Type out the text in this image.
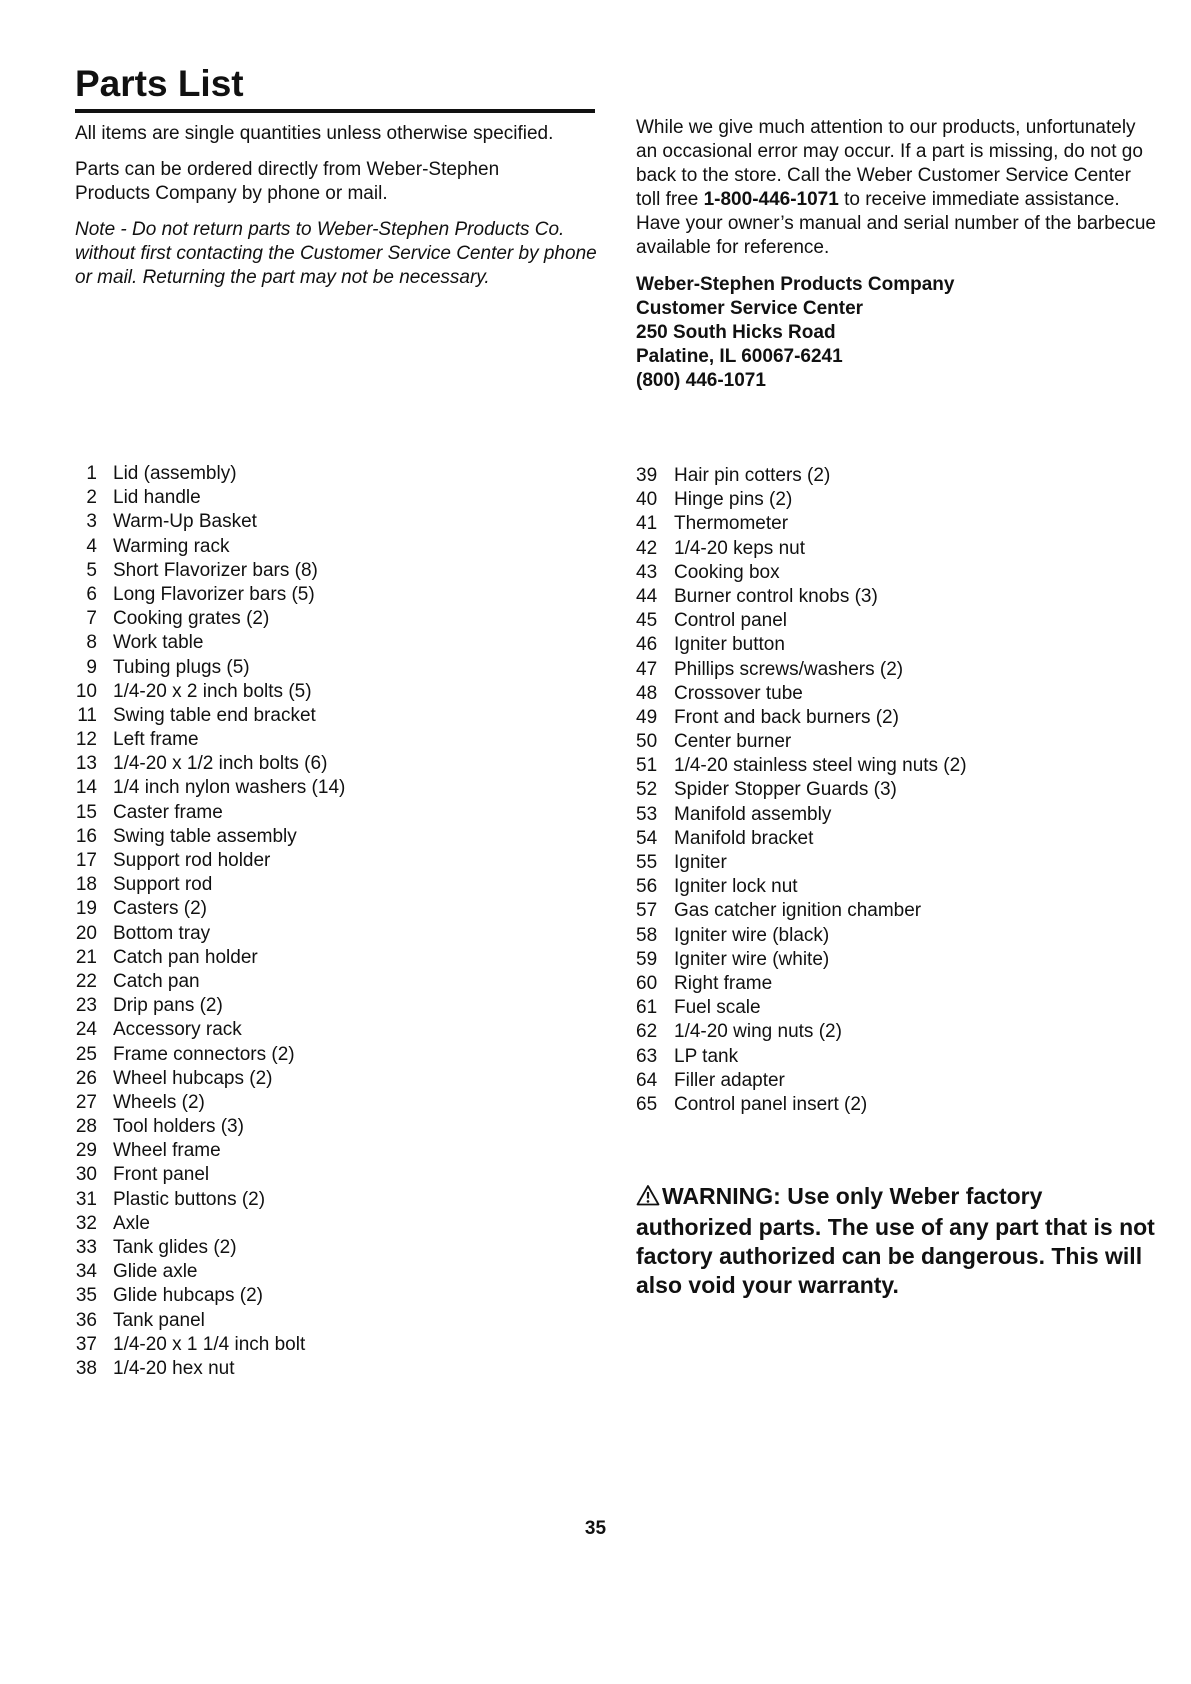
Parts List

All items are single quantities unless otherwise specified.

Parts can be ordered directly from Weber-Stephen Products Company by phone or mail.

Note - Do not return parts to Weber-Stephen Products Co. without first contacting the Customer Service Center by phone or mail. Returning the part may not be necessary.

While we give much attention to our products, unfortunately an occasional error may occur. If a part is missing, do not go back to the store. Call the Weber Customer Service Center toll free 1-800-446-1071 to receive immediate assistance. Have your owner’s manual and serial number of the barbecue available for reference.

Weber-Stephen Products Company
Customer Service Center
250 South Hicks Road
Palatine, IL 60067-6241
(800) 446-1071
1 Lid (assembly)
2 Lid handle
3 Warm-Up Basket
4 Warming rack
5 Short Flavorizer bars (8)
6 Long Flavorizer bars (5)
7 Cooking grates (2)
8 Work table
9 Tubing plugs (5)
10 1/4-20 x 2 inch bolts (5)
11 Swing table end bracket
12 Left frame
13 1/4-20 x 1/2 inch bolts (6)
14 1/4 inch nylon washers (14)
15 Caster frame
16 Swing table assembly
17 Support rod holder
18 Support rod
19 Casters (2)
20 Bottom tray
21 Catch pan holder
22 Catch pan
23 Drip pans (2)
24 Accessory rack
25 Frame connectors (2)
26 Wheel hubcaps (2)
27 Wheels (2)
28 Tool holders (3)
29 Wheel frame
30 Front panel
31 Plastic buttons (2)
32 Axle
33 Tank glides (2)
34 Glide axle
35 Glide hubcaps (2)
36 Tank panel
37 1/4-20 x 1 1/4 inch bolt
38 1/4-20 hex nut
39 Hair pin cotters (2)
40 Hinge pins (2)
41 Thermometer
42 1/4-20 keps nut
43 Cooking box
44 Burner control knobs (3)
45 Control panel
46 Igniter button
47 Phillips screws/washers (2)
48 Crossover tube
49 Front and back burners (2)
50 Center burner
51 1/4-20 stainless steel wing nuts (2)
52 Spider Stopper Guards (3)
53 Manifold assembly
54 Manifold bracket
55 Igniter
56 Igniter lock nut
57 Gas catcher ignition chamber
58 Igniter wire (black)
59 Igniter wire (white)
60 Right frame
61 Fuel scale
62 1/4-20 wing nuts (2)
63 LP tank
64 Filler adapter
65 Control panel insert (2)
WARNING: Use only Weber factory authorized parts. The use of any part that is not factory authorized can be dangerous. This will also void your warranty.
35
